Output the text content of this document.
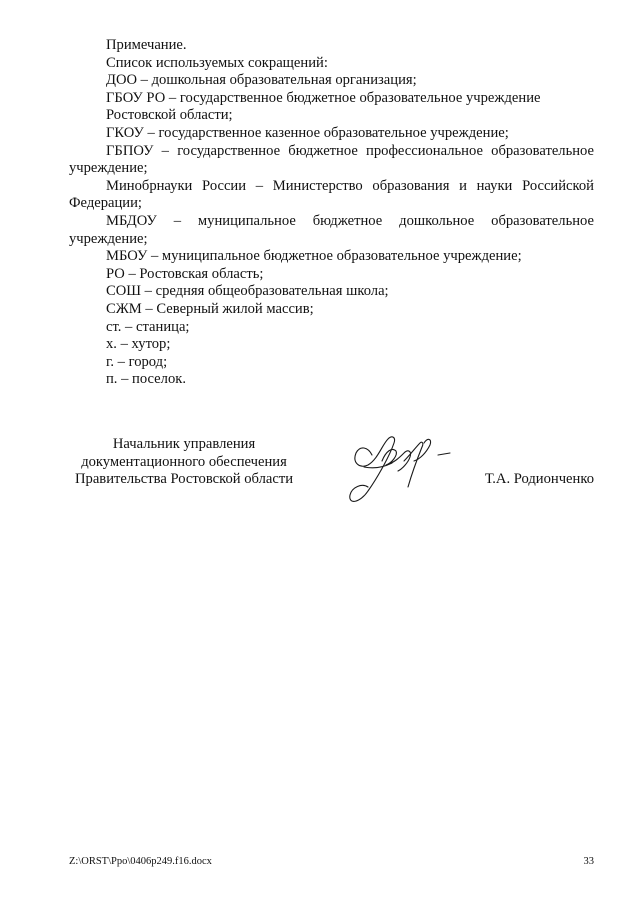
Примечание.

Список используемых сокращений:

ДОО – дошкольная образовательная организация;

ГБОУ РО – государственное бюджетное образовательное учреждение

Ростовской области;

ГКОУ – государственное казенное образовательное учреждение;

ГБПОУ – государственное бюджетное профессиональное образовательное учреждение;

Минобрнауки России – Министерство образования и науки Российской Федерации;

МБДОУ – муниципальное бюджетное дошкольное образовательное учреждение;

МБОУ – муниципальное бюджетное образовательное учреждение;

РО – Ростовская область;

СОШ – средняя общеобразовательная школа;

СЖМ – Северный жилой массив;

ст. – станица;

х. – хутор;

г. – город;

п. – поселок.

Начальник управления
документационного обеспечения
Правительства Ростовской области	Т.А. Родионченко
Z:\ORST\Ppo\0406p249.f16.docx	33
